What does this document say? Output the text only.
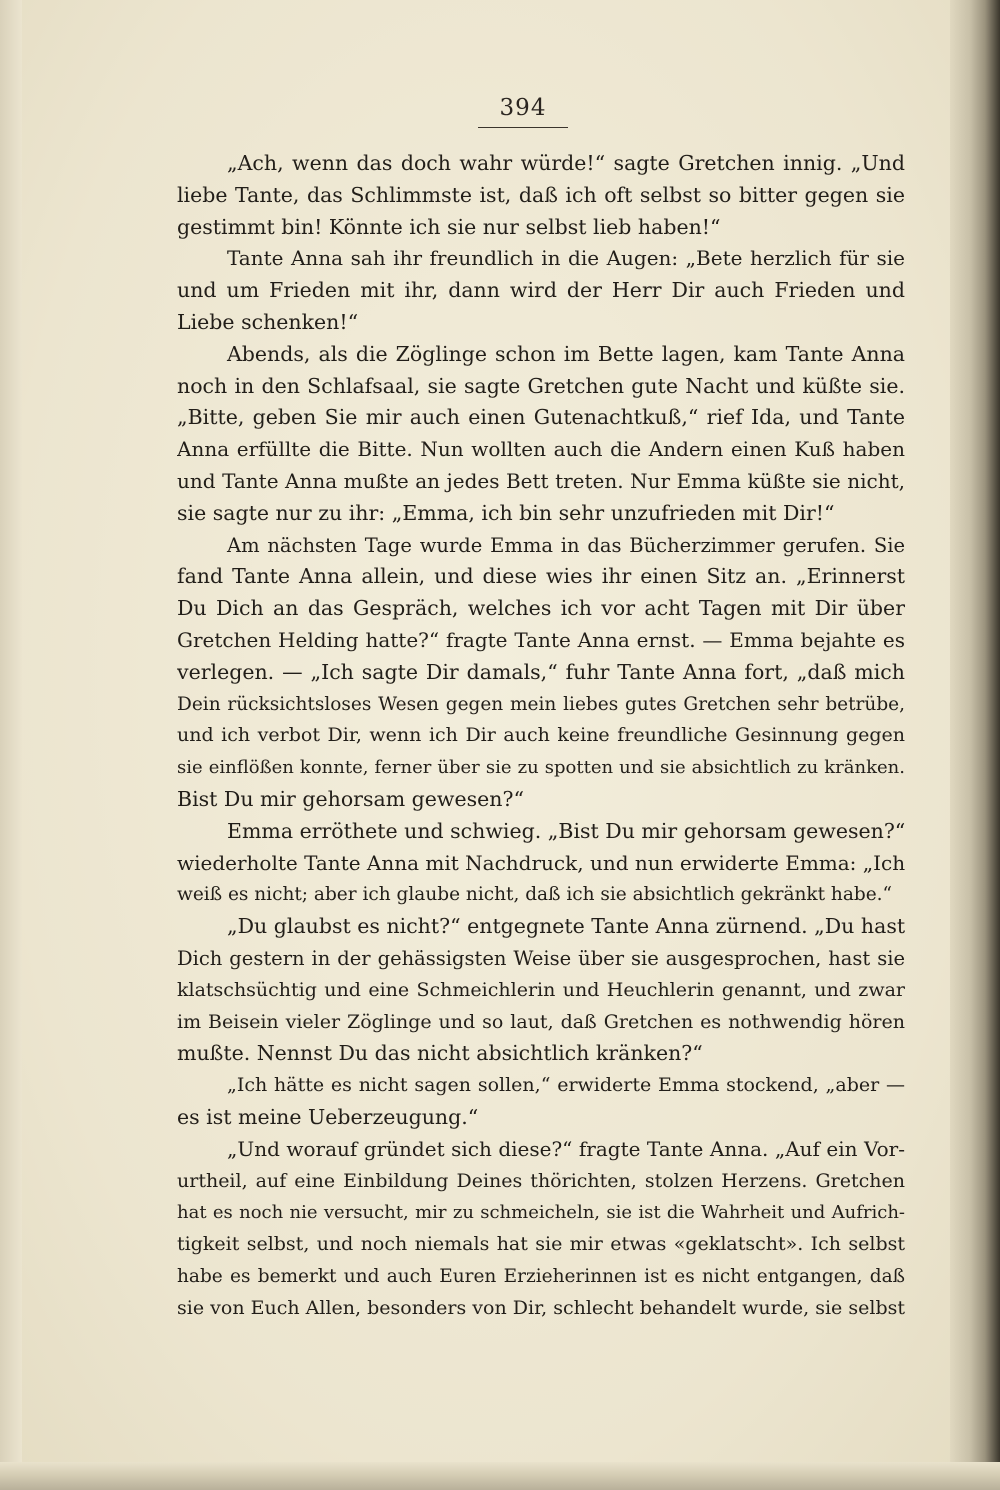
394
„Ach, wenn das doch wahr würde!“ sagte Gretchen innig. „Und
liebe Tante, das Schlimmste ist, daß ich oft selbst so bitter gegen sie
gestimmt bin! Könnte ich sie nur selbst lieb haben!“
Tante Anna sah ihr freundlich in die Augen: „Bete herzlich für sie
und um Frieden mit ihr, dann wird der Herr Dir auch Frieden und
Liebe schenken!“
Abends, als die Zöglinge schon im Bette lagen, kam Tante Anna
noch in den Schlafsaal, sie sagte Gretchen gute Nacht und küßte sie.
„Bitte, geben Sie mir auch einen Gutenachtkuß,“ rief Ida, und Tante
Anna erfüllte die Bitte. Nun wollten auch die Andern einen Kuß haben
und Tante Anna mußte an jedes Bett treten. Nur Emma küßte sie nicht,
sie sagte nur zu ihr: „Emma, ich bin sehr unzufrieden mit Dir!“
Am nächsten Tage wurde Emma in das Bücherzimmer gerufen. Sie
fand Tante Anna allein, und diese wies ihr einen Sitz an. „Erinnerst
Du Dich an das Gespräch, welches ich vor acht Tagen mit Dir über
Gretchen Helding hatte?“ fragte Tante Anna ernst. — Emma bejahte es
verlegen. — „Ich sagte Dir damals,“ fuhr Tante Anna fort, „daß mich
Dein rücksichtsloses Wesen gegen mein liebes gutes Gretchen sehr betrübe,
und ich verbot Dir, wenn ich Dir auch keine freundliche Gesinnung gegen
sie einflößen konnte, ferner über sie zu spotten und sie absichtlich zu kränken.
Bist Du mir gehorsam gewesen?“
Emma erröthete und schwieg. „Bist Du mir gehorsam gewesen?“
wiederholte Tante Anna mit Nachdruck, und nun erwiderte Emma: „Ich
weiß es nicht; aber ich glaube nicht, daß ich sie absichtlich gekränkt habe.“
„Du glaubst es nicht?“ entgegnete Tante Anna zürnend. „Du hast
Dich gestern in der gehässigsten Weise über sie ausgesprochen, hast sie
klatschsüchtig und eine Schmeichlerin und Heuchlerin genannt, und zwar
im Beisein vieler Zöglinge und so laut, daß Gretchen es nothwendig hören
mußte. Nennst Du das nicht absichtlich kränken?“
„Ich hätte es nicht sagen sollen,“ erwiderte Emma stockend, „aber —
es ist meine Ueberzeugung.“
„Und worauf gründet sich diese?“ fragte Tante Anna. „Auf ein Vor-
urtheil, auf eine Einbildung Deines thörichten, stolzen Herzens. Gretchen
hat es noch nie versucht, mir zu schmeicheln, sie ist die Wahrheit und Aufrich-
tigkeit selbst, und noch niemals hat sie mir etwas «geklatscht». Ich selbst
habe es bemerkt und auch Euren Erzieherinnen ist es nicht entgangen, daß
sie von Euch Allen, besonders von Dir, schlecht behandelt wurde, sie selbst
